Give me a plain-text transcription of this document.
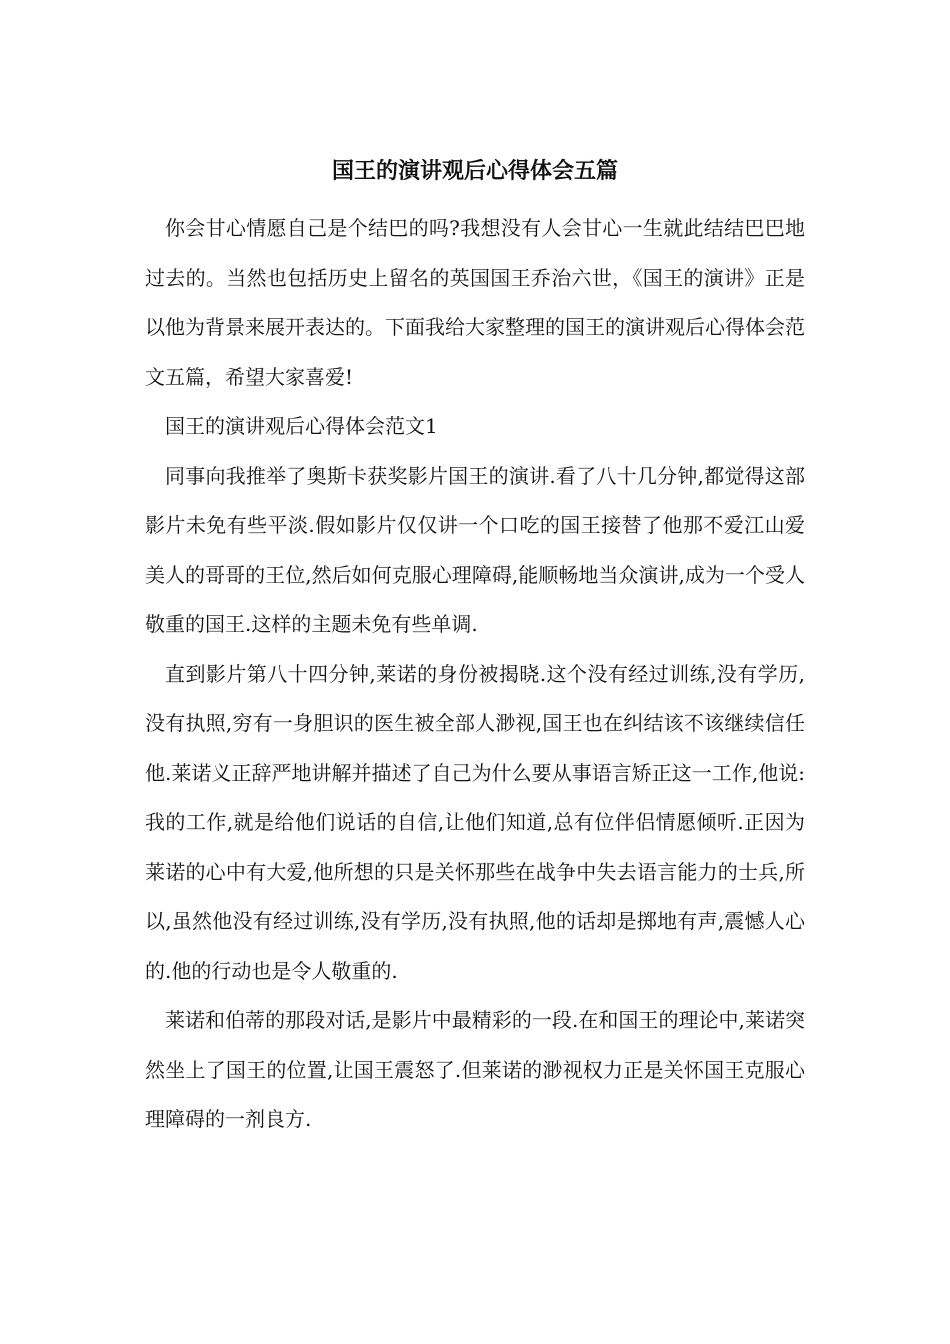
国王的演讲观后心得体会五篇

你会甘心情愿自己是个结巴的吗?我想没有人会甘心一生就此结结巴巴地过去的。当然也包括历史上留名的英国国王乔治六世，《国王的演讲》正是以他为背景来展开表达的。下面我给大家整理的国王的演讲观后心得体会范文五篇，希望大家喜爱!

国王的演讲观后心得体会范文1

同事向我推举了奥斯卡获奖影片国王的演讲.看了八十几分钟,都觉得这部影片未免有些平淡.假如影片仅仅讲一个口吃的国王接替了他那不爱江山爱美人的哥哥的王位,然后如何克服心理障碍,能顺畅地当众演讲,成为一个受人敬重的国王.这样的主题未免有些单调.

直到影片第八十四分钟,莱诺的身份被揭晓.这个没有经过训练,没有学历,没有执照,穷有一身胆识的医生被全部人渺视,国王也在纠结该不该继续信任他.莱诺义正辞严地讲解并描述了自己为什么要从事语言矫正这一工作,他说:我的工作,就是给他们说话的自信,让他们知道,总有位伴侣情愿倾听.正因为莱诺的心中有大爱,他所想的只是关怀那些在战争中失去语言能力的士兵,所以,虽然他没有经过训练,没有学历,没有执照,他的话却是掷地有声,震憾人心的.他的行动也是令人敬重的.

莱诺和伯蒂的那段对话,是影片中最精彩的一段.在和国王的理论中,莱诺突然坐上了国王的位置,让国王震怒了.但莱诺的渺视权力正是关怀国王克服心理障碍的一剂良方.
